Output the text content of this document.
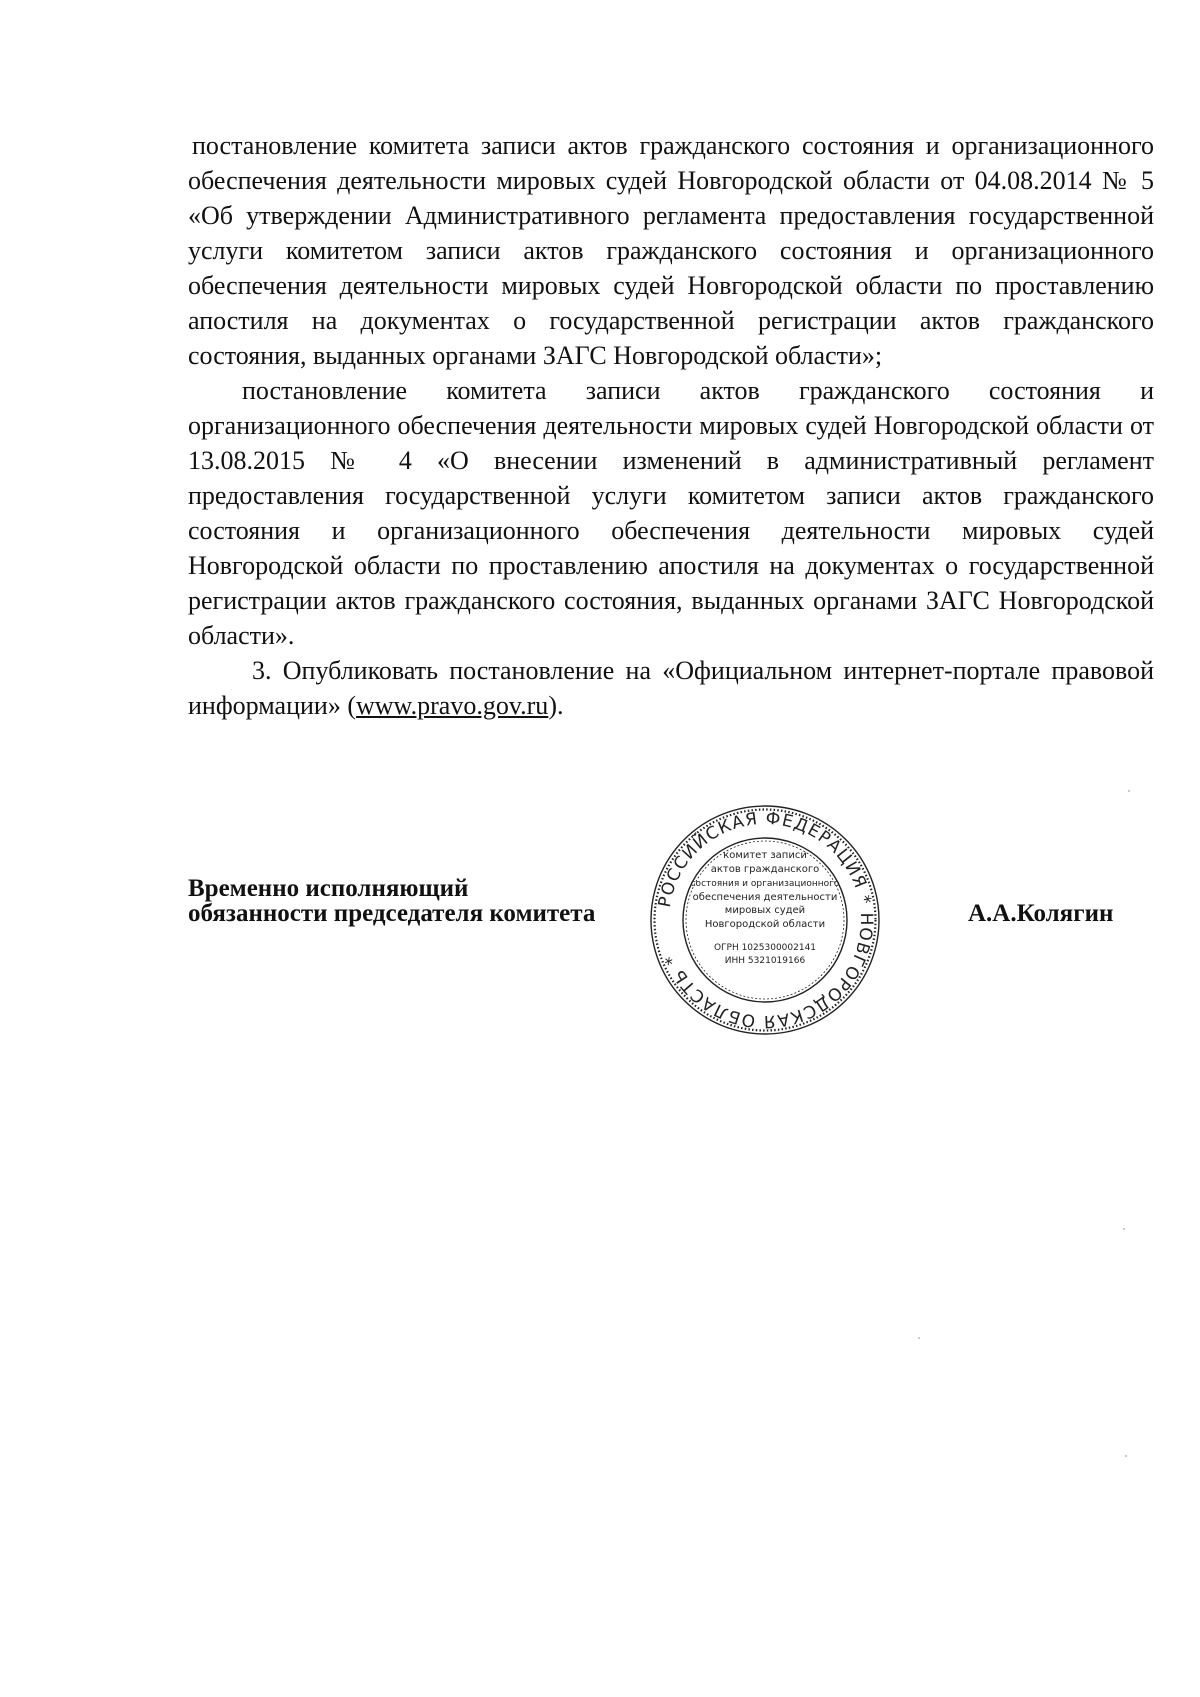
постановление комитета записи актов гражданского состояния и организационного обеспечения деятельности мировых судей Новгородской области от 04.08.2014 № 5 «Об утверждении Административного регламента предоставления государственной услуги комитетом записи актов гражданского состояния и организационного обеспечения деятельности мировых судей Новгородской области по проставлению апостиля на документах о государственной регистрации актов гражданского состояния, выданных органами ЗАГС Новгородской области»;

постановление комитета записи актов гражданского состояния и организационного обеспечения деятельности мировых судей Новгородской области от 13.08.2015 № 4 «О внесении изменений в административный регламент предоставления государственной услуги комитетом записи актов гражданского состояния и организационного обеспечения деятельности мировых судей Новгородской области по проставлению апостиля на документах о государственной регистрации актов гражданского состояния, выданных органами ЗАГС Новгородской области».

3. Опубликовать постановление на «Официальном интернет-портале правовой информации» (www.pravo.gov.ru).

Временно исполняющий
обязанности председателя комитета	А.А.Колягин
РОССИЙСКАЯ ФЕДЕРАЦИЯ * НОВГОРОДСКАЯ ОБЛАСТЬ *
комитет записи
актов гражданского
состояния и организационного
обеспечения деятельности
мировых судей
Новгородской области
ОГРН 1025300002141
ИНН 5321019166
